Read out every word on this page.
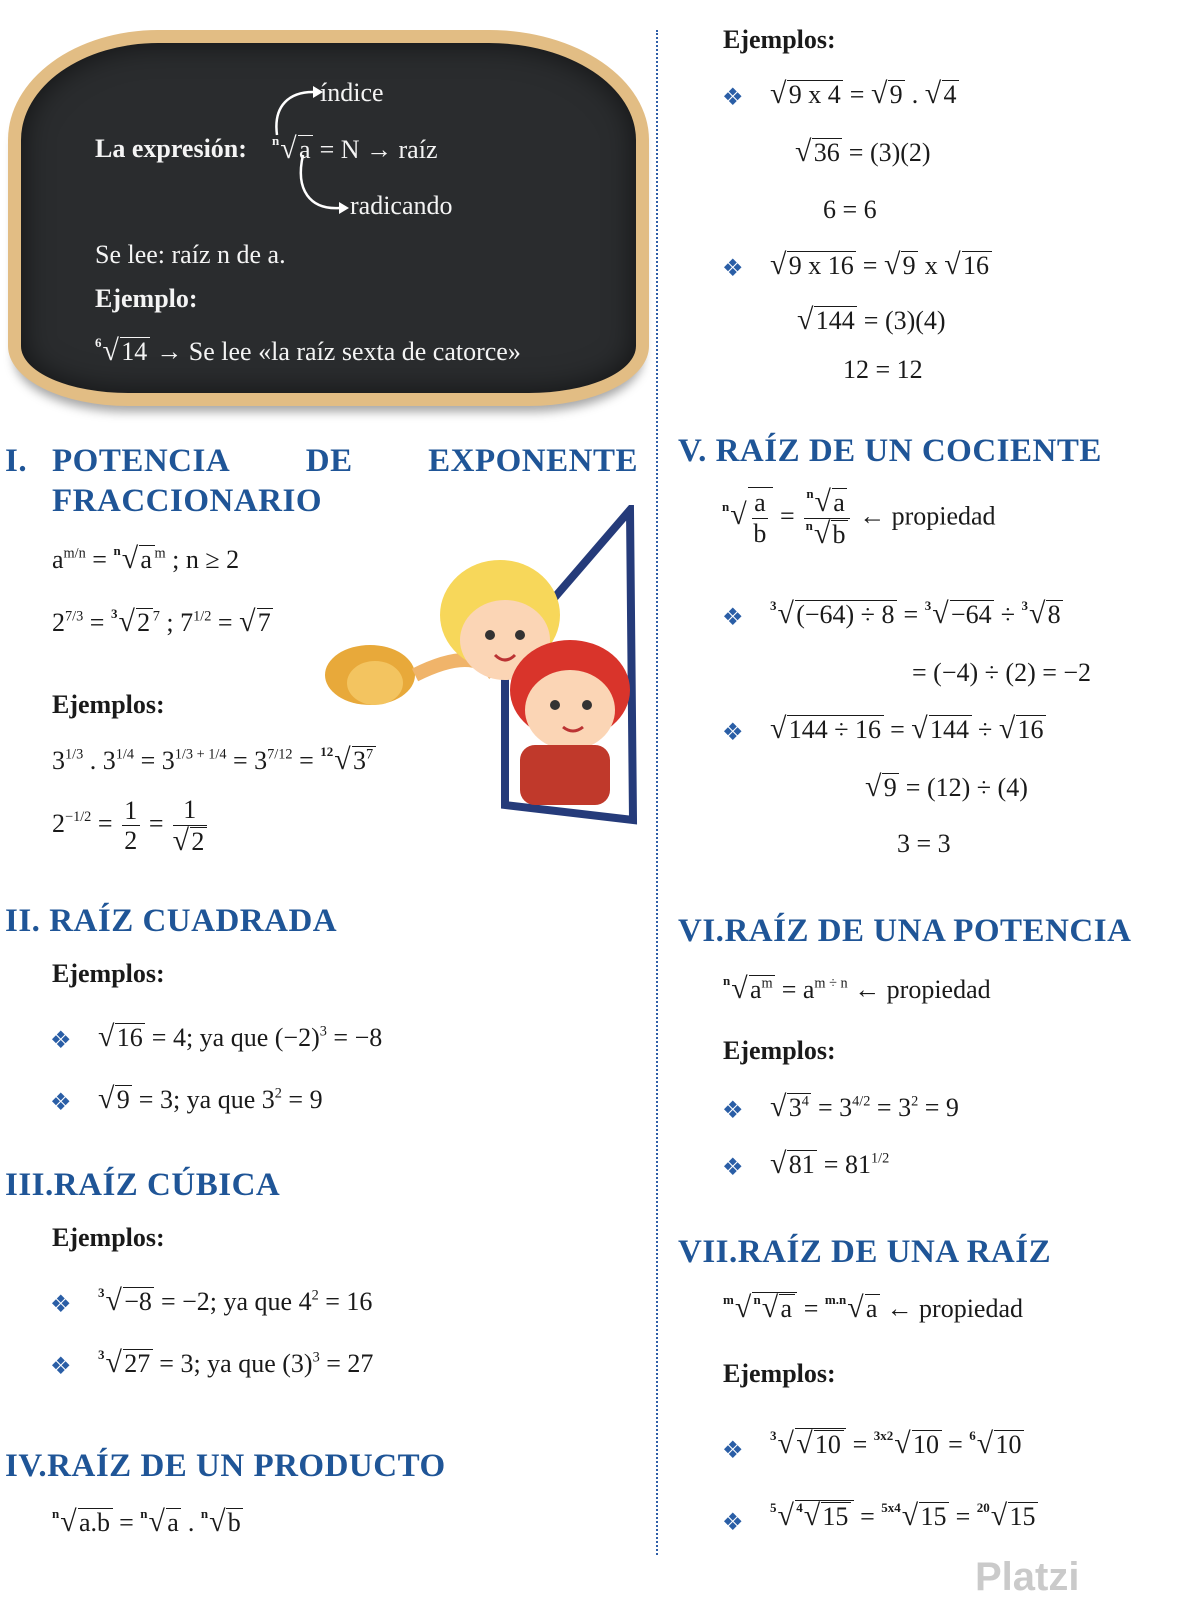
índice
La expresión: n√a = N → raíz
radicando
Se lee: raíz n de a.
Ejemplo:
6√14 → Se lee «la raíz sexta de catorce»
I. POTENCIA DE EXPONENTE
FRACCIONARIO
$a^{m/n} = n√a$ $^m$ ; n ≥ 2
$2^{7/3} = 3√2$ $^7$ ; $7^{1/2} = √7$
Ejemplos:
$3^{1/3}$ . $3^{1/4} = 3^{1/3 + 1/4} = 3^{7/12} = 12√3^7$
$2^{-1/2} = \frac{1}{2} = \frac{1}{√2}$
II. RAÍZ CUADRADA
Ejemplos:
❖ √16 = 4; ya que $(-2)^3 = -8$
❖ √9 = 3; ya que $3^2 = 9$
III.RAÍZ CÚBICA
Ejemplos:
❖ 3√−8 = −2; ya que $4^2 = 16$
❖ 3√27 = 3; ya que $(3)^3 = 27$
IV.RAÍZ DE UN PRODUCTO
n√a.b = n√a . n√b
Ejemplos:
❖ √9 x 4 = √9 . √4
√36 = (3)(2)
6 = 6
❖ √9 x 16 = √9 x √16
√144 = (3)(4)
12 = 12
V. RAÍZ DE UN COCIENTE
$n√ \frac{a}{b} = \frac{n√a}{n√b}$ ← propiedad
❖ 3√(−64) ÷ 8 = 3√−64 ÷ 3√8
= (−4) ÷ (2) = −2
❖ √144 ÷ 16 = √144 ÷ √16
√9 = (12) ÷ (4)
3 = 3
VI.RAÍZ DE UNA POTENCIA
$n√a^m = a^{m \div n}$ ← propiedad
Ejemplos:
❖ $√3^4 = 3^{4/2} = 3^2 = 9$
❖ $√81 = 81^{1/2}$
VII.RAÍZ DE UNA RAÍZ
m√ n√a = m.n√a ← propiedad
Ejemplos:
❖
3√√10 = 3x2√10 = 6√10
❖
5√ 4√15 = 5x4√15 = 20√15
Platzi
